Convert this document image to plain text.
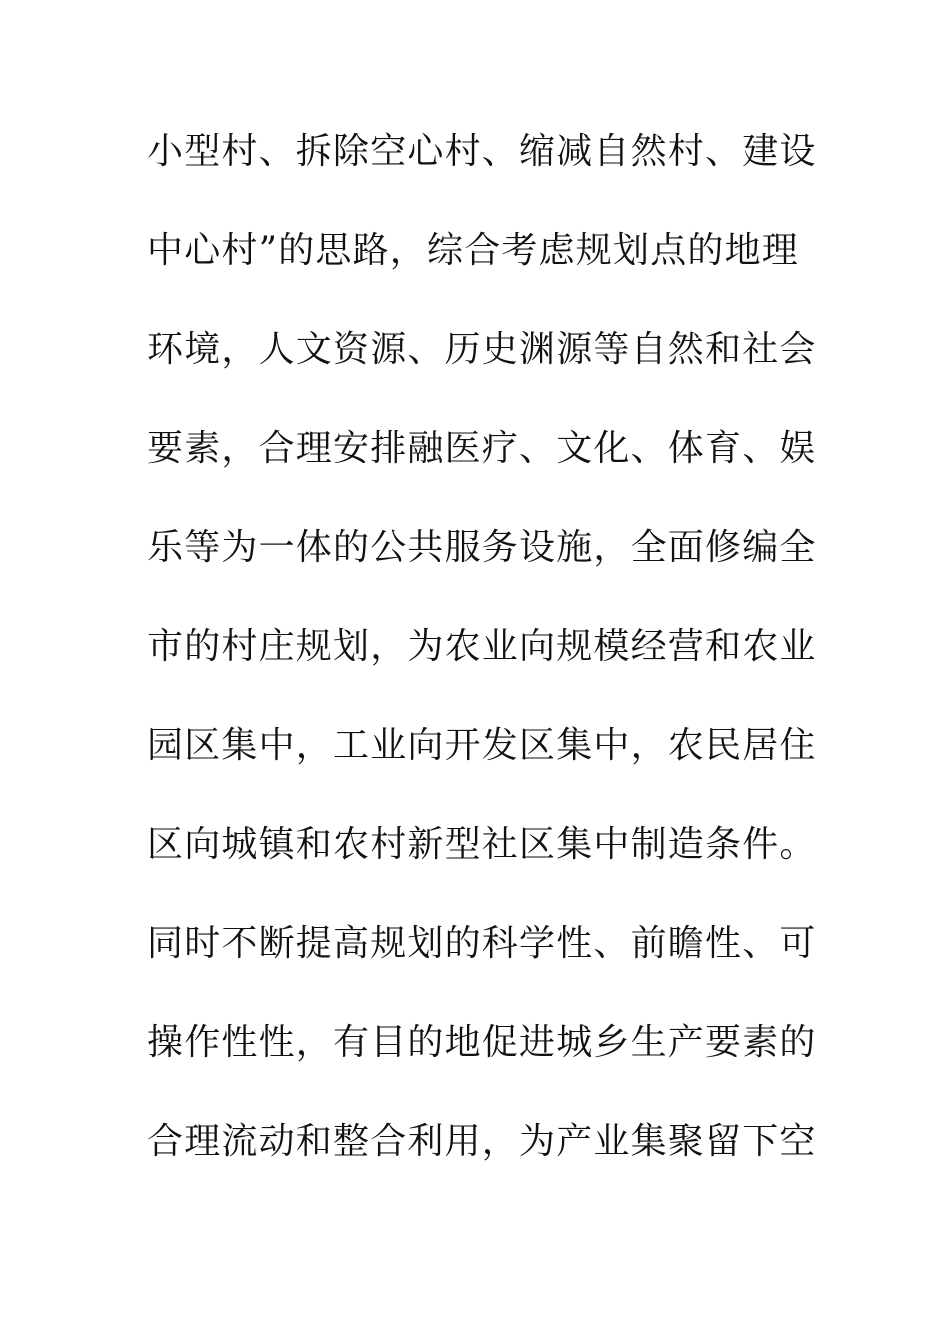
小型村、拆除空心村、缩减自然村、建设
中心村”的思路，综合考虑规划点的地理
环境，人文资源、历史渊源等自然和社会
要素，合理安排融医疗、文化、体育、娱
乐等为一体的公共服务设施，全面修编全
市的村庄规划，为农业向规模经营和农业
园区集中，工业向开发区集中，农民居住
区向城镇和农村新型社区集中制造条件。
同时不断提高规划的科学性、前瞻性、可
操作性性，有目的地促进城乡生产要素的
合理流动和整合利用，为产业集聚留下空
